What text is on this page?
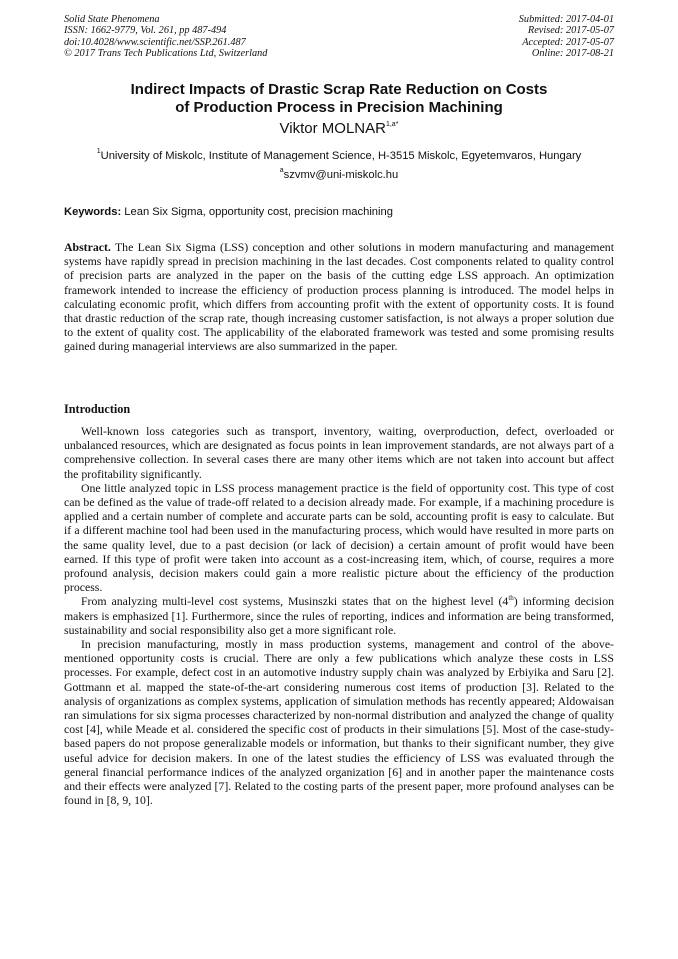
Solid State Phenomena
ISSN: 1662-9779, Vol. 261, pp 487-494
doi:10.4028/www.scientific.net/SSP.261.487
© 2017 Trans Tech Publications Ltd, Switzerland
Submitted: 2017-04-01
Revised: 2017-05-07
Accepted: 2017-05-07
Online: 2017-08-21
Indirect Impacts of Drastic Scrap Rate Reduction on Costs
of Production Process in Precision Machining
Viktor $MOLNAR^{1,a*}$
$^1$University of Miskolc, Institute of Management Science, H-3515 Miskolc, Egyetemvaros, Hungary
$^a$szvmv@uni-miskolc.hu
Keywords: Lean Six Sigma, opportunity cost, precision machining
Abstract. The Lean Six Sigma (LSS) conception and other solutions in modern manufacturing and management systems have rapidly spread in precision machining in the last decades. Cost components related to quality control of precision parts are analyzed in the paper on the basis of the cutting edge LSS approach. An optimization framework intended to increase the efficiency of production process planning is introduced. The model helps in calculating economic profit, which differs from accounting profit with the extent of opportunity costs. It is found that drastic reduction of the scrap rate, though increasing customer satisfaction, is not always a proper solution due to the extent of quality cost. The applicability of the elaborated framework was tested and some promising results gained during managerial interviews are also summarized in the paper.
Introduction

Well-known loss categories such as transport, inventory, waiting, overproduction, defect, overloaded or unbalanced resources, which are designated as focus points in lean improvement standards, are not always part of a comprehensive collection. In several cases there are many other items which are not taken into account but affect the profitability significantly.

One little analyzed topic in LSS process management practice is the field of opportunity cost. This type of cost can be defined as the value of trade-off related to a decision already made. For example, if a machining procedure is applied and a certain number of complete and accurate parts can be sold, accounting profit is easy to calculate. But if a different machine tool had been used in the manufacturing process, which would have resulted in more parts on the same quality level, due to a past decision (or lack of decision) a certain amount of profit would have been earned. If this type of profit were taken into account as a cost-increasing item, which, of course, requires a more profound analysis, decision makers could gain a more realistic picture about the efficiency of the production process.

From analyzing multi-level cost systems, Musinszki states that on the highest level (4th) informing decision makers is emphasized [1]. Furthermore, since the rules of reporting, indices and information are being transformed, sustainability and social responsibility also get a more significant role.

In precision manufacturing, mostly in mass production systems, management and control of the above-mentioned opportunity costs is crucial. There are only a few publications which analyze these costs in LSS processes. For example, defect cost in an automotive industry supply chain was analyzed by Erbiyika and Saru [2]. Gottmann et al. mapped the state-of-the-art considering numerous cost items of production [3]. Related to the analysis of organizations as complex systems, application of simulation methods has recently appeared; Aldowaisan ran simulations for six sigma processes characterized by non-normal distribution and analyzed the change of quality cost [4], while Meade et al. considered the specific cost of products in their simulations [5]. Most of the case-study-based papers do not propose generalizable models or information, but thanks to their significant number, they give useful advice for decision makers. In one of the latest studies the efficiency of LSS was evaluated through the general financial performance indices of the analyzed organization [6] and in another paper the maintenance costs and their effects were analyzed [7]. Related to the costing parts of the present paper, more profound analyses can be found in [8, 9, 10].
